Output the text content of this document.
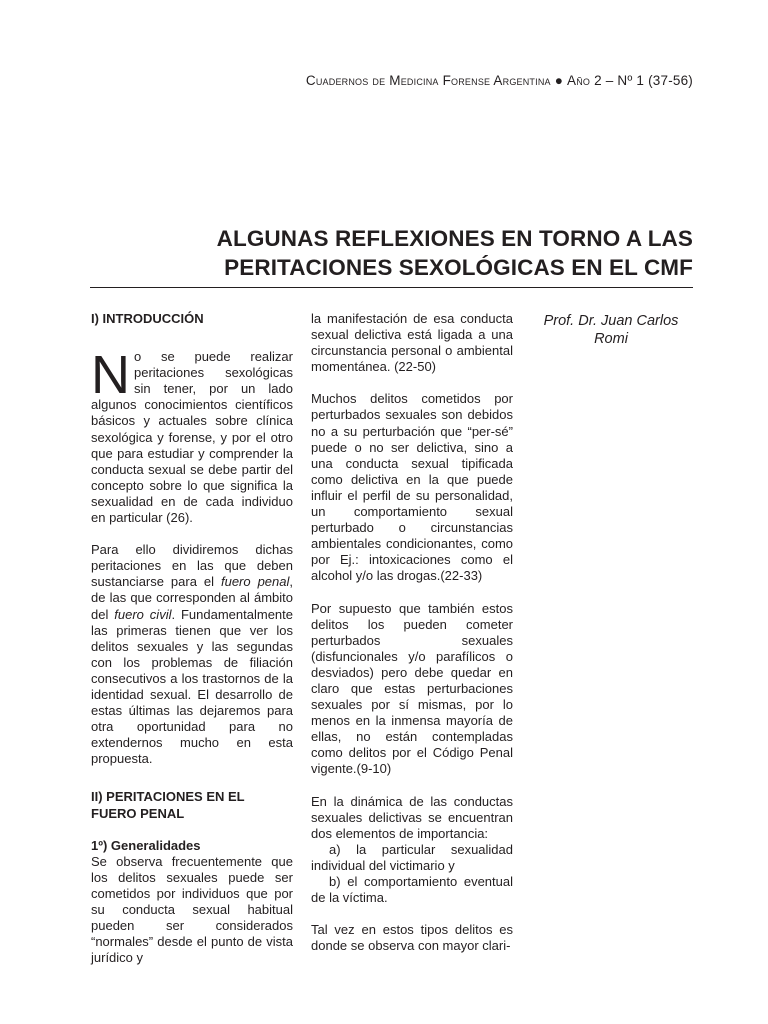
Cuadernos de Medicina Forense Argentina ● Año 2 – Nº 1 (37-56)
ALGUNAS REFLEXIONES EN TORNO A LAS
PERITACIONES SEXOLÓGICAS EN EL CMF

I) INTRODUCCIÓN

No se puede realizar peritaciones sexológicas sin tener, por un lado algunos conocimientos científicos básicos y actuales sobre clínica sexológica y forense, y por el otro que para estudiar y comprender la conducta sexual se debe partir del concepto sobre lo que significa la sexualidad en de cada individuo en particular (26).

Para ello dividiremos dichas peritaciones en las que deben sustanciarse para el fuero penal, de las que corresponden al ámbito del fuero civil. Fundamentalmente las primeras tienen que ver los delitos sexuales y las segundas con los problemas de filiación consecutivos a los trastornos de la identidad sexual. El desarrollo de estas últimas las dejaremos para otra oportunidad para no extendernos mucho en esta propuesta.

II) PERITACIONES EN EL FUERO PENAL

1º) Generalidades

Se observa frecuentemente que los delitos sexuales puede ser cometidos por individuos que por su conducta sexual habitual pueden ser considerados “normales” desde el punto de vista jurídico y

la manifestación de esa conducta sexual delictiva está ligada a una circunstancia personal o ambiental momentánea. (22-50)

Muchos delitos cometidos por perturbados sexuales son debidos no a su perturbación que “per-sé” puede o no ser delictiva, sino a una conducta sexual tipificada como delictiva en la que puede influir el perfil de su personalidad, un comportamiento sexual perturbado o circunstancias ambientales condicionantes, como por Ej.: intoxicaciones como el alcohol y/o las drogas.(22-33)

Por supuesto que también estos delitos los pueden cometer perturbados sexuales (disfuncionales y/o parafílicos o desviados) pero debe quedar en claro que estas perturbaciones sexuales por sí mismas, por lo menos en la inmensa mayoría de ellas, no están contempladas como delitos por el Código Penal vigente.(9-10)

En la dinámica de las conductas sexuales delictivas se encuentran dos elementos de importancia:

a) la particular sexualidad individual del victimario y

b) el comportamiento eventual de la víctima.

Tal vez en estos tipos delitos es donde se observa con mayor clari-

Prof. Dr. Juan Carlos
Romi
